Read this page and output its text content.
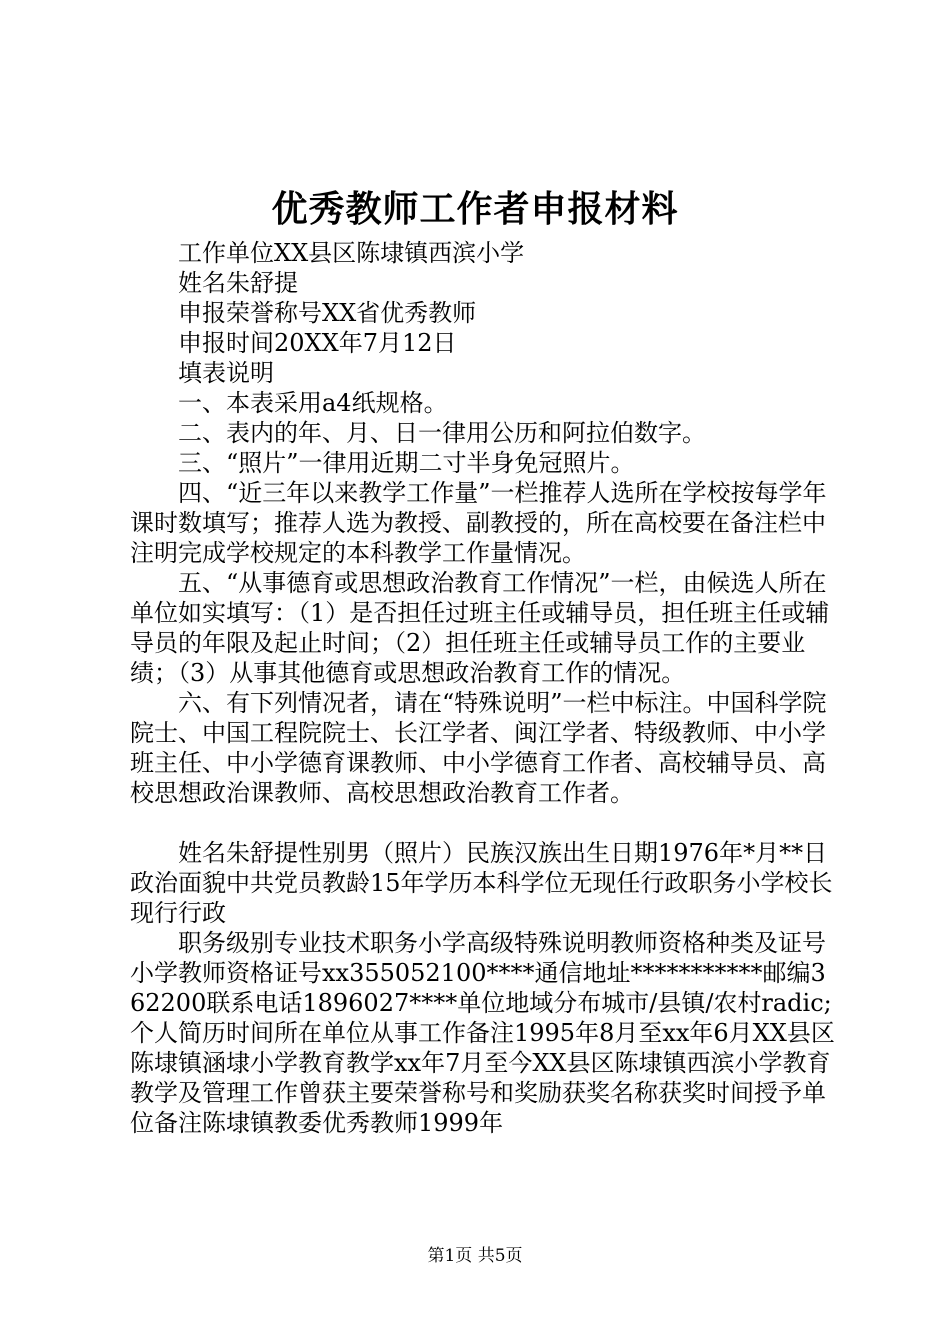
优秀教师工作者申报材料

工作单位XX县区陈埭镇西滨小学

姓名朱舒提

申报荣誉称号XX省优秀教师

申报时间20XX年7月12日

填表说明

一、本表采用a4纸规格。

二、表内的年、月、日一律用公历和阿拉伯数字。

三、“照片”一律用近期二寸半身免冠照片。

四、“近三年以来教学工作量”一栏推荐人选所在学校按每学年课时数填写；推荐人选为教授、副教授的，所在高校要在备注栏中注明完成学校规定的本科教学工作量情况。

五、“从事德育或思想政治教育工作情况”一栏，由候选人所在单位如实填写：（1）是否担任过班主任或辅导员，担任班主任或辅导员的年限及起止时间；（2）担任班主任或辅导员工作的主要业绩；（3）从事其他德育或思想政治教育工作的情况。

六、有下列情况者，请在“特殊说明”一栏中标注。中国科学院院士、中国工程院院士、长江学者、闽江学者、特级教师、中小学班主任、中小学德育课教师、中小学德育工作者、高校辅导员、高校思想政治课教师、高校思想政治教育工作者。

姓名朱舒提性别男（照片）民族汉族出生日期1976年*月**日政治面貌中共党员教龄15年学历本科学位无现任行政职务小学校长现行行政

职务级别专业技术职务小学高级特殊说明教师资格种类及证号小学教师资格证号xx355052100****通信地址***********邮编362200联系电话1896027****单位地域分布城市/县镇/农村radic;个人简历时间所在单位从事工作备注1995年8月至xx年6月XX县区陈埭镇涵埭小学教育教学xx年7月至今XX县区陈埭镇西滨小学教育教学及管理工作曾获主要荣誉称号和奖励获奖名称获奖时间授予单位备注陈埭镇教委优秀教师1999年

第1页 共5页
